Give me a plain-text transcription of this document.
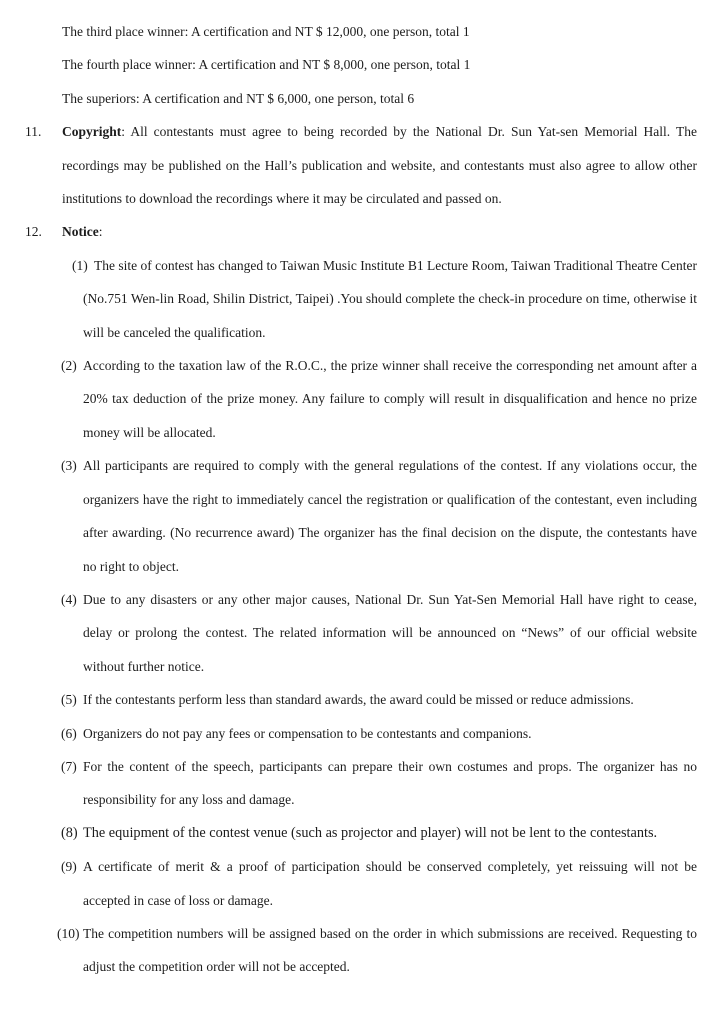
The third place winner: A certification and NT $ 12,000, one person, total 1
The fourth place winner: A certification and NT $ 8,000, one person, total 1
The superiors: A certification and NT $ 6,000, one person, total 6
11. Copyright: All contestants must agree to being recorded by the National Dr. Sun Yat-sen Memorial Hall. The recordings may be published on the Hall’s publication and website, and contestants must also agree to allow other institutions to download the recordings where it may be circulated and passed on.
12. Notice:
(1) The site of contest has changed to Taiwan Music Institute B1 Lecture Room, Taiwan Traditional Theatre Center (No.751 Wen-lin Road, Shilin District, Taipei) .You should complete the check-in procedure on time, otherwise it will be canceled the qualification.
(2) According to the taxation law of the R.O.C., the prize winner shall receive the corresponding net amount after a 20% tax deduction of the prize money. Any failure to comply will result in disqualification and hence no prize money will be allocated.
(3) All participants are required to comply with the general regulations of the contest. If any violations occur, the organizers have the right to immediately cancel the registration or qualification of the contestant, even including after awarding. (No recurrence award) The organizer has the final decision on the dispute, the contestants have no right to object.
(4) Due to any disasters or any other major causes, National Dr. Sun Yat-Sen Memorial Hall have right to cease, delay or prolong the contest. The related information will be announced on “News” of our official website without further notice.
(5) If the contestants perform less than standard awards, the award could be missed or reduce admissions.
(6) Organizers do not pay any fees or compensation to be contestants and companions.
(7) For the content of the speech, participants can prepare their own costumes and props. The organizer has no responsibility for any loss and damage.
(8) The equipment of the contest venue (such as projector and player) will not be lent to the contestants.
(9) A certificate of merit & a proof of participation should be conserved completely, yet reissuing will not be accepted in case of loss or damage.
(10) The competition numbers will be assigned based on the order in which submissions are received. Requesting to adjust the competition order will not be accepted.
